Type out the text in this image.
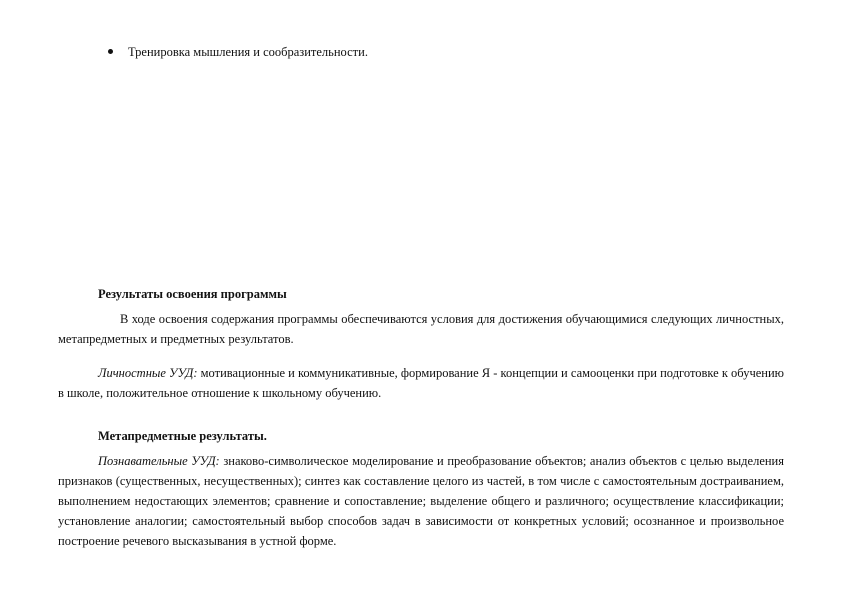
Тренировка мышления и сообразительности.
Результаты освоения программы

В ходе освоения содержания программы обеспечиваются условия для достижения обучающимися следующих личностных, метапредметных и предметных результатов.

Личностные УУД: мотивационные и коммуникативные, формирование Я - концепции и самооценки при подготовке к обучению в школе, положительное отношение к школьному обучению.

Метапредметные результаты.

Познавательные УУД: знаково-символическое моделирование и преобразование объектов; анализ объектов с целью выделения признаков (существенных, несущественных); синтез как составление целого из частей, в том числе с самостоятельным достраиванием, выполнением недостающих элементов; сравнение и сопоставление; выделение общего и различного; осуществление классификации; установление аналогии; самостоятельный выбор способов задач в зависимости от конкретных условий; осознанное и произвольное построение речевого высказывания в устной форме.
